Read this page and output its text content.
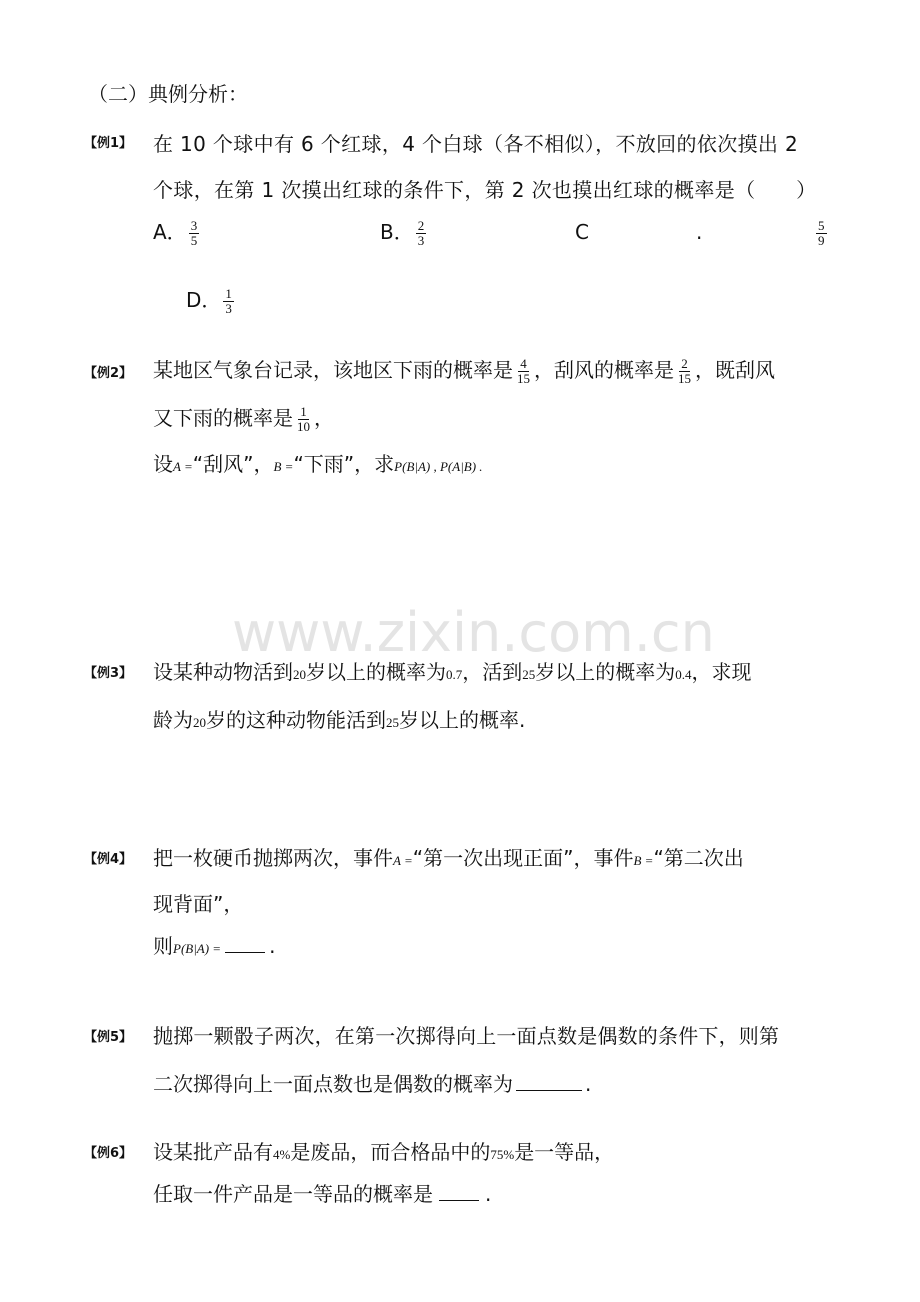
www.zixin.com.cn
（二）典例分析：
【例1】 在 10 个球中有 6 个红球，4 个白球（各不相似），不放回的依次摸出 2
个球，在第 1 次摸出红球的条件下，第 2 次也摸出红球的概率是（　　）
A． $\frac{3}{5}$	B． $\frac{2}{3}$	C	.	$\frac{5}{9}$
D． $\frac{1}{3}$
【例2】 某地区气象台记录，该地区下雨的概率是 $\frac{4}{15}$ ，刮风的概率是 $\frac{2}{15}$ ，既刮风
又下雨的概率是 $\frac{1}{10}$ ，
设A =“刮风”，B =“下雨”，求P(B|A) , P(A|B) .
【例3】 设某种动物活到20岁以上的概率为0.7，活到25岁以上的概率为0.4，求现
龄为20岁的这种动物能活到25岁以上的概率.
【例4】 把一枚硬币抛掷两次，事件A =“第一次出现正面”，事件B =“第二次出
现背面”，
则P(B|A) = .
【例5】 抛掷一颗骰子两次，在第一次掷得向上一面点数是偶数的条件下，则第
二次掷得向上一面点数也是偶数的概率为	.
【例6】 设某批产品有4%是废品，而合格品中的75%是一等品，
任取一件产品是一等品的概率是	.
